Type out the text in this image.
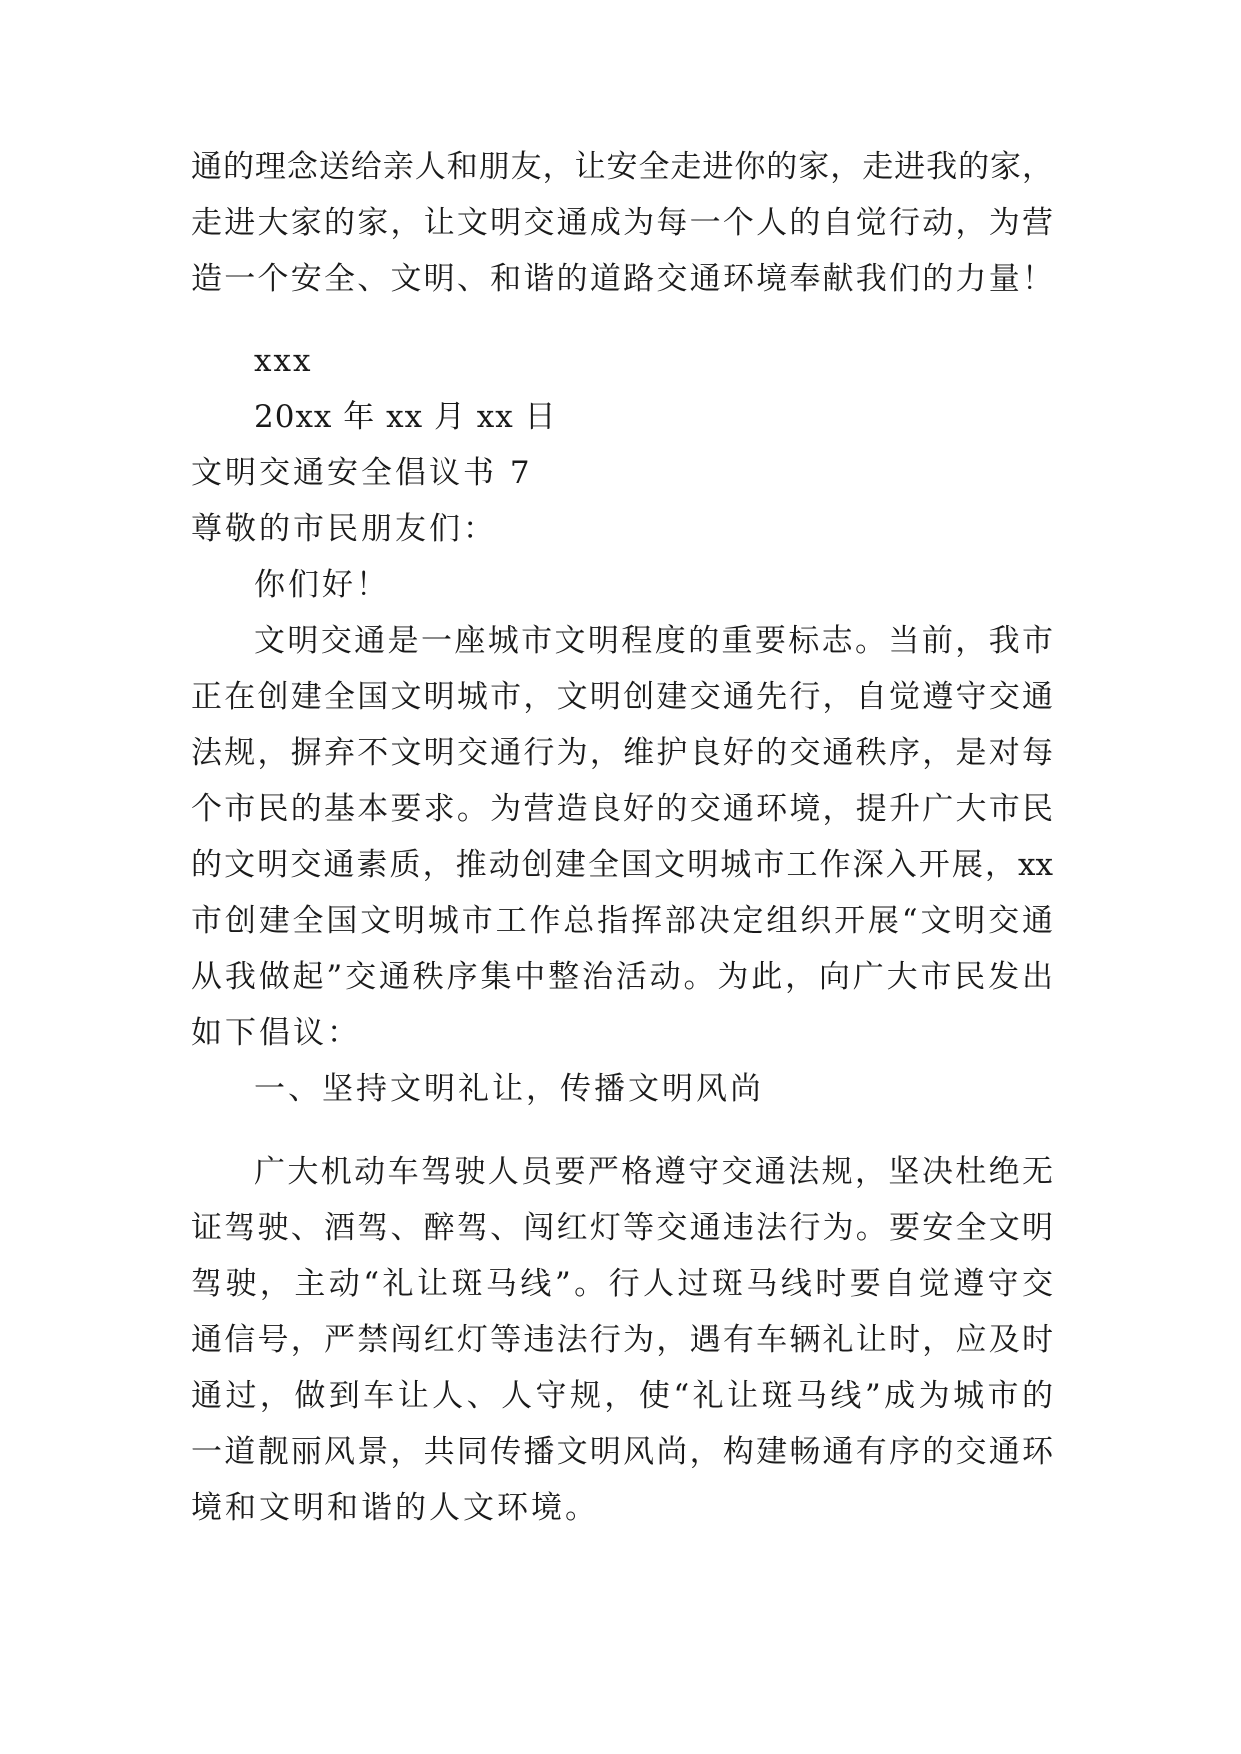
通的理念送给亲人和朋友，让安全走进你的家，走进我的家，
走进大家的家，让文明交通成为每一个人的自觉行动，为营
造一个安全、文明、和谐的道路交通环境奉献我们的力量！
xxx
20xx 年 xx 月 xx 日
文明交通安全倡议书 7
尊敬的市民朋友们：
你们好！
文明交通是一座城市文明程度的重要标志。当前，我市
正在创建全国文明城市，文明创建交通先行，自觉遵守交通
法规，摒弃不文明交通行为，维护良好的交通秩序，是对每
个市民的基本要求。为营造良好的交通环境，提升广大市民
的文明交通素质，推动创建全国文明城市工作深入开展，xx
市创建全国文明城市工作总指挥部决定组织开展“文明交通
从我做起”交通秩序集中整治活动。为此，向广大市民发出
如下倡议：
一、坚持文明礼让，传播文明风尚
广大机动车驾驶人员要严格遵守交通法规，坚决杜绝无
证驾驶、酒驾、醉驾、闯红灯等交通违法行为。要安全文明
驾驶，主动“礼让斑马线”。行人过斑马线时要自觉遵守交
通信号，严禁闯红灯等违法行为，遇有车辆礼让时，应及时
通过，做到车让人、人守规，使“礼让斑马线”成为城市的
一道靓丽风景，共同传播文明风尚，构建畅通有序的交通环
境和文明和谐的人文环境。
